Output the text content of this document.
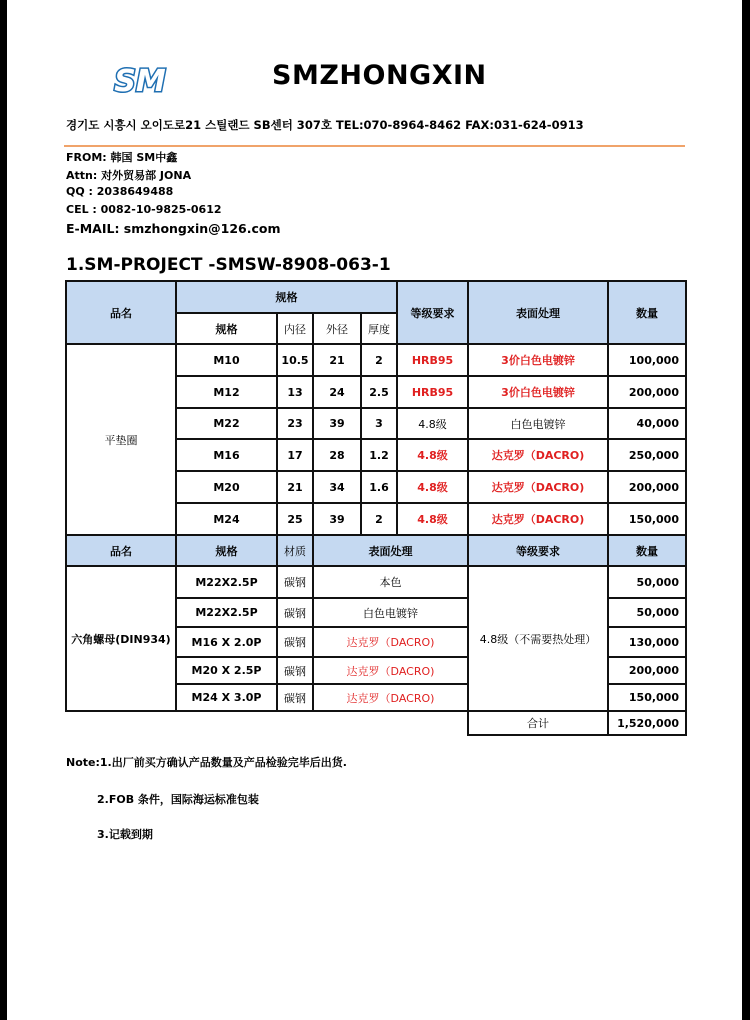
SM	SMZHONGXIN
경기도 시흥시 오이도로21 스틸랜드 SB센터 307호 TEL:070-8964-8462 FAX:031-624-0913
FROM: 韩国 SM中鑫
Attn: 对外贸易部 JONA
QQ : 2038649488
CEL : 0082-10-9825-0612
E-MAIL: smzhongxin@126.com
1.SM-PROJECT -SMSW-8908-063-1
品名	规格				等级要求	表面处理	数量
	规格	内径	外径	厚度			
平垫圈	M10	10.5	21	2	HRB95	3价白色电镀锌	100,000
	M12	13	24	2.5	HRB95	3价白色电镀锌	200,000
	M22	23	39	3	4.8级	白色电镀锌	40,000
	M16	17	28	1.2	4.8级	达克罗（DACRO)	250,000
	M20	21	34	1.6	4.8级	达克罗（DACRO)	200,000
	M24	25	39	2	4.8级	达克罗（DACRO)	150,000
品名	规格	材质	表面处理			等级要求	数量
六角螺母(DIN934)	M22X2.5P	碳钢	本色			4.8级（不需要热处理）	50,000
	M22X2.5P	碳钢	白色电镀锌				50,000
	M16 X 2.0P	碳钢	达克罗（DACRO)				130,000
	M20 X 2.5P	碳钢	达克罗（DACRO)				200,000
	M24 X 3.0P	碳钢	达克罗（DACRO)				150,000
						合计	1,520,000
Note:1.出厂前买方确认产品数量及产品检验完毕后出货.
2.FOB 条件，国际海运标准包装
3.记载到期
